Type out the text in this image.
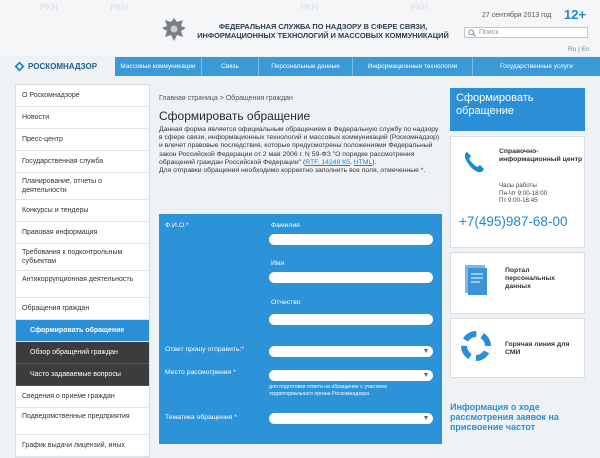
ФЕДЕРАЛЬНАЯ СЛУЖБА ПО НАДЗОРУ В СФЕРЕ СВЯЗИ,
ИНФОРМАЦИОННЫХ ТЕХНОЛОГИЙ И МАССОВЫХ КОММУНИКАЦИЙ
27 сентября 2013 год 12+
Поиск
Ru | En
РОСКОМНАДЗОР	Массовые коммуникации	Связь	Персональные данные	Информационные технологии	Государственные услуги
О Роскомнадзоре
Новости
Пресс-центр
Государственная служба
Планирование, отчеты о деятельности
Конкурсы и тендеры
Правовая информация
Требования к подконтрольным субъектам
Антикоррупционная деятельность
Обращения граждан
Сформировать обращение
Обзор обращений граждан
Часто задаваемые вопросы
Сведения о приеме граждан
Подведомственные предприятия
График выдачи лицензий, иных
Главная страница > Обращения граждан
Сформировать обращение
Данная форма является официальным обращением в Федеральную службу по надзору в сфере связи, информационных технологий и массовых коммуникаций (Роскомнадзор) и влечет правовые последствия, которые предусмотрены положениями Федеральный закон Российской Федерации от 2 мая 2006 г. N 59-ФЗ "О порядке рассмотрения обращений граждан Российской Федерации" (RTF, 14248 Кб, HTML).
Для отправки обращения необходимо корректно заполнить все поля, отмеченные *.
Ф.И.О.*	Фамилия
Имя
Отчество
Ответ прошу отправить:*
Место рассмотрения *
для подготовки ответа на обращение с участием территориального органа Роскомнадзора
Тематика обращения *
Сформировать обращение
Справочно-информационный центр
Часы работы
Пн-Чт 9:00-18:00
Пт 9:00-16:45
+7(495)987-68-00
Портал персональных данных
Горячая линия для СМИ
Информация о ходе рассмотрения заявок на присвоение частот
РКН	РКН	РКН	РКН
